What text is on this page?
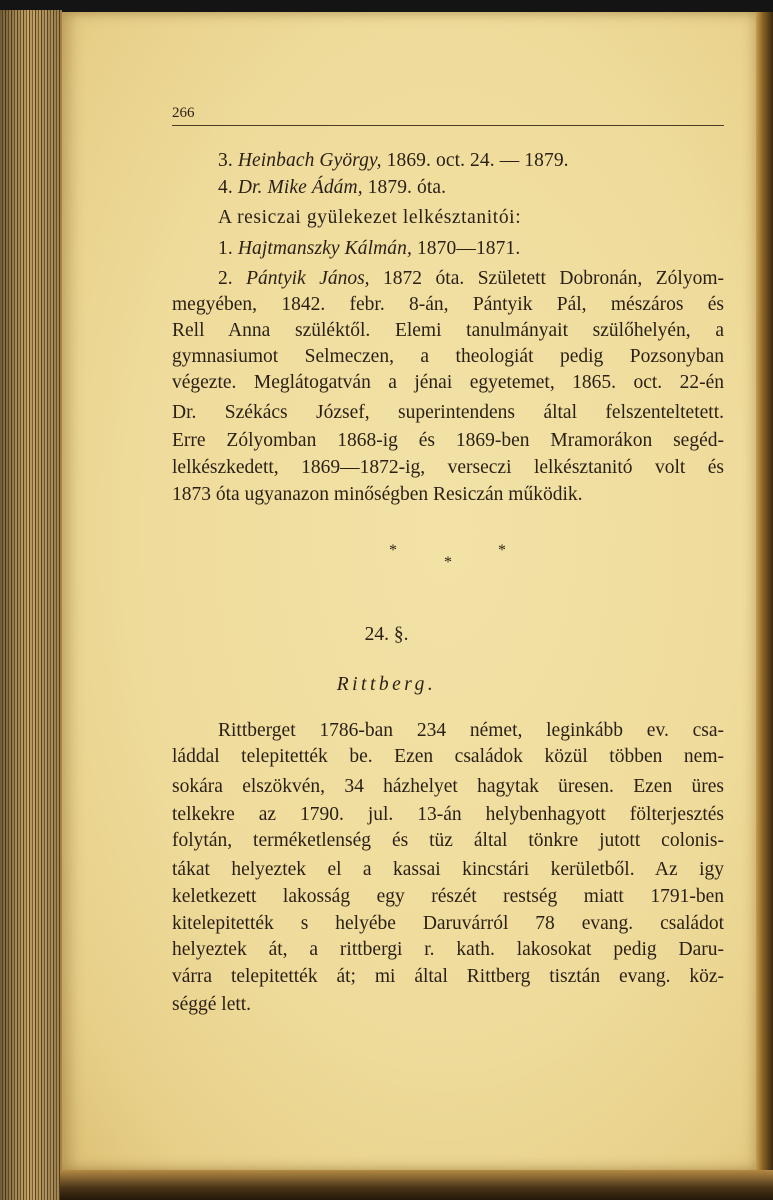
266
3. Heinbach György, 1869. oct. 24. — 1879.
4. Dr. Mike Ádám, 1879. óta.
A resiczai gyülekezet lelkésztanitói:
1. Hajtmanszky Kálmán, 1870—1871.
2. Pántyik János, 1872 óta. Született Dobronán, Zólyom-
megyében, 1842. febr. 8-án, Pántyik Pál, mészáros és
Rell Anna szüléktől. Elemi tanulmányait szülőhelyén, a
gymnasiumot Selmeczen, a theologiát pedig Pozsonyban
végezte. Meglátogatván a jénai egyetemet, 1865. oct. 22-én
Dr. Székács József, superintendens által felszenteltetett.
Erre Zólyomban 1868-ig és 1869-ben Mramorákon segéd-
lelkészkedett, 1869—1872-ig, verseczi lelkésztanitó volt és
1873 óta ugyanazon minőségben Resiczán működik.
*	*
*
24. §.
Rittberg.
Rittberget 1786-ban 234 német, leginkább ev. csa-
láddal telepitették be. Ezen családok közül többen nem-
sokára elszökvén, 34 házhelyet hagytak üresen. Ezen üres
telkekre az 1790. jul. 13-án helybenhagyott fölterjesztés
folytán, terméketlenség és tüz által tönkre jutott colonis-
tákat helyeztek el a kassai kincstári kerületből. Az igy
keletkezett lakosság egy részét restség miatt 1791-ben
kitelepitették s helyébe Daruvárról 78 evang. családot
helyeztek át, a rittbergi r. kath. lakosokat pedig Daru-
várra telepitették át; mi által Rittberg tisztán evang. köz-
séggé lett.
